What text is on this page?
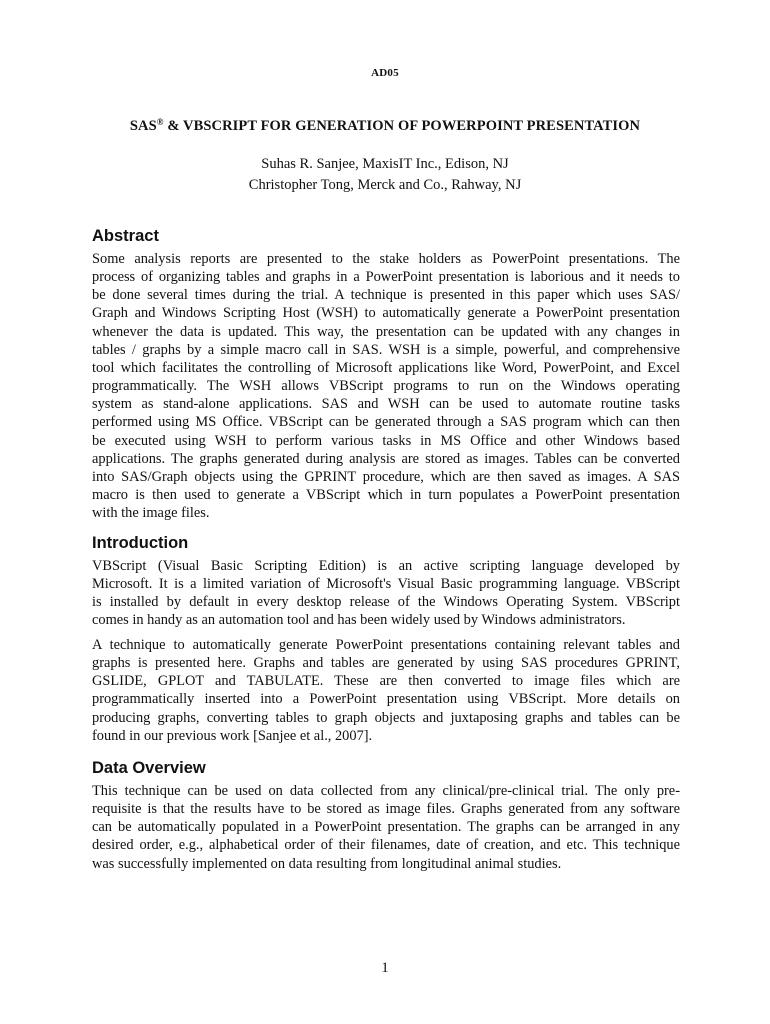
AD05
SAS® & VBSCRIPT FOR GENERATION OF POWERPOINT PRESENTATION
Suhas R. Sanjee, MaxisIT Inc., Edison, NJ
Christopher Tong, Merck and Co., Rahway, NJ
Abstract
Some analysis reports are presented to the stake holders as PowerPoint presentations. The
process of organizing tables and graphs in a PowerPoint presentation is laborious and it needs to
be done several times during the trial. A technique is presented in this paper which uses SAS/
Graph and Windows Scripting Host (WSH) to automatically generate a PowerPoint presentation
whenever the data is updated. This way, the presentation can be updated with any changes in
tables / graphs by a simple macro call in SAS. WSH is a simple, powerful, and comprehensive
tool which facilitates the controlling of Microsoft applications like Word, PowerPoint, and Excel
programmatically. The WSH allows VBScript programs to run on the Windows operating
system as stand-alone applications. SAS and WSH can be used to automate routine tasks
performed using MS Office. VBScript can be generated through a SAS program which can then
be executed using WSH to perform various tasks in MS Office and other Windows based
applications. The graphs generated during analysis are stored as images. Tables can be converted
into SAS/Graph objects using the GPRINT procedure, which are then saved as images. A SAS
macro is then used to generate a VBScript which in turn populates a PowerPoint presentation
with the image files.
Introduction
VBScript (Visual Basic Scripting Edition) is an active scripting language developed by
Microsoft. It is a limited variation of Microsoft's Visual Basic programming language. VBScript
is installed by default in every desktop release of the Windows Operating System. VBScript
comes in handy as an automation tool and has been widely used by Windows administrators.
A technique to automatically generate PowerPoint presentations containing relevant tables and
graphs is presented here. Graphs and tables are generated by using SAS procedures GPRINT,
GSLIDE, GPLOT and TABULATE. These are then converted to image files which are
programmatically inserted into a PowerPoint presentation using VBScript. More details on
producing graphs, converting tables to graph objects and juxtaposing graphs and tables can be
found in our previous work [Sanjee et al., 2007].
Data Overview
This technique can be used on data collected from any clinical/pre-clinical trial. The only pre-
requisite is that the results have to be stored as image files. Graphs generated from any software
can be automatically populated in a PowerPoint presentation. The graphs can be arranged in any
desired order, e.g., alphabetical order of their filenames, date of creation, and etc. This technique
was successfully implemented on data resulting from longitudinal animal studies.
1
